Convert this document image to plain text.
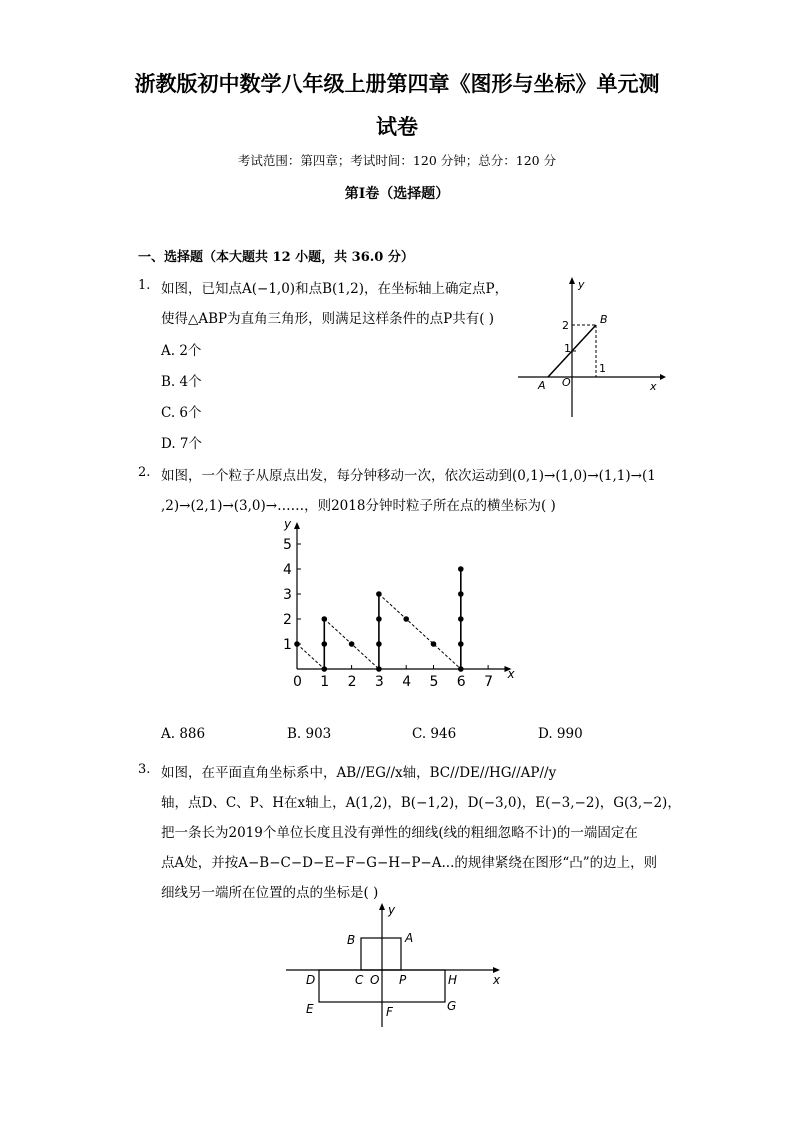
浙教版初中数学八年级上册第四章《图形与坐标》单元测
试卷
考试范围：第四章；考试时间：120 分钟；总分：120 分
第Ⅰ卷（选择题）
一、选择题（本大题共 12 小题，共 36.0 分）
1. 如图，已知点A(−1,0)和点B(1,2)，在坐标轴上确定点P，
使得△ABP为直角三角形，则满足这样条件的点P共有( )
A. 2个
B. 4个
C. 6个
D. 7个
y
x
B
2
1
1
O
A
2. 如图，一个粒子从原点出发，每分钟移动一次，依次运动到(0,1)→(1,0)→(1,1)→(1
,2)→(2,1)→(3,0)→……，则2018分钟时粒子所在点的横坐标为( )
x
y
0 1 2 3 4 5 6 7
1
2
3
4
5
A. 886	B. 903	C. 946	D. 990
3. 如图，在平面直角坐标系中，AB//EG//x轴，BC//DE//HG//AP//y
轴，点D、C、P、H在x轴上，A(1,2)，B(−1,2)，D(−3,0)，E(−3,−2)，G(3,−2)，
把一条长为2019个单位长度且没有弹性的细线(线的粗细忽略不计)的一端固定在
点A处，并按A−B−C−D−E−F−G−H−P−A...的规律紧绕在图形“凸”的边上，则
细线另一端所在位置的点的坐标是( )
y
x
B	A
D	C O P	H
E	F	G
